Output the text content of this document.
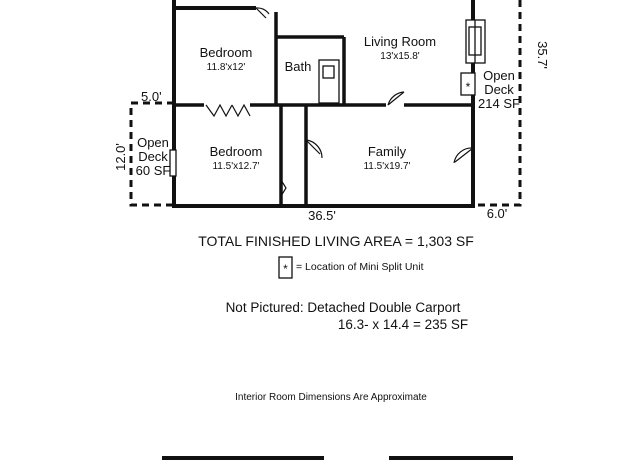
Bedroom
11.8'x12'	Bath
Living Room
13'x15.8'
Bedroom
11.5'x12.7'
Family
11.5'x19.7'
Open
Deck
214 SF
Open
Deck
60 SF
*
*
5.0'
12.0'
35.7'
36.5'	6.0'
TOTAL FINISHED LIVING AREA = 1,303 SF
= Location of Mini Split Unit
Not Pictured: Detached Double Carport
16.3- x 14.4 = 235 SF
Interior Room Dimensions Are Approximate
